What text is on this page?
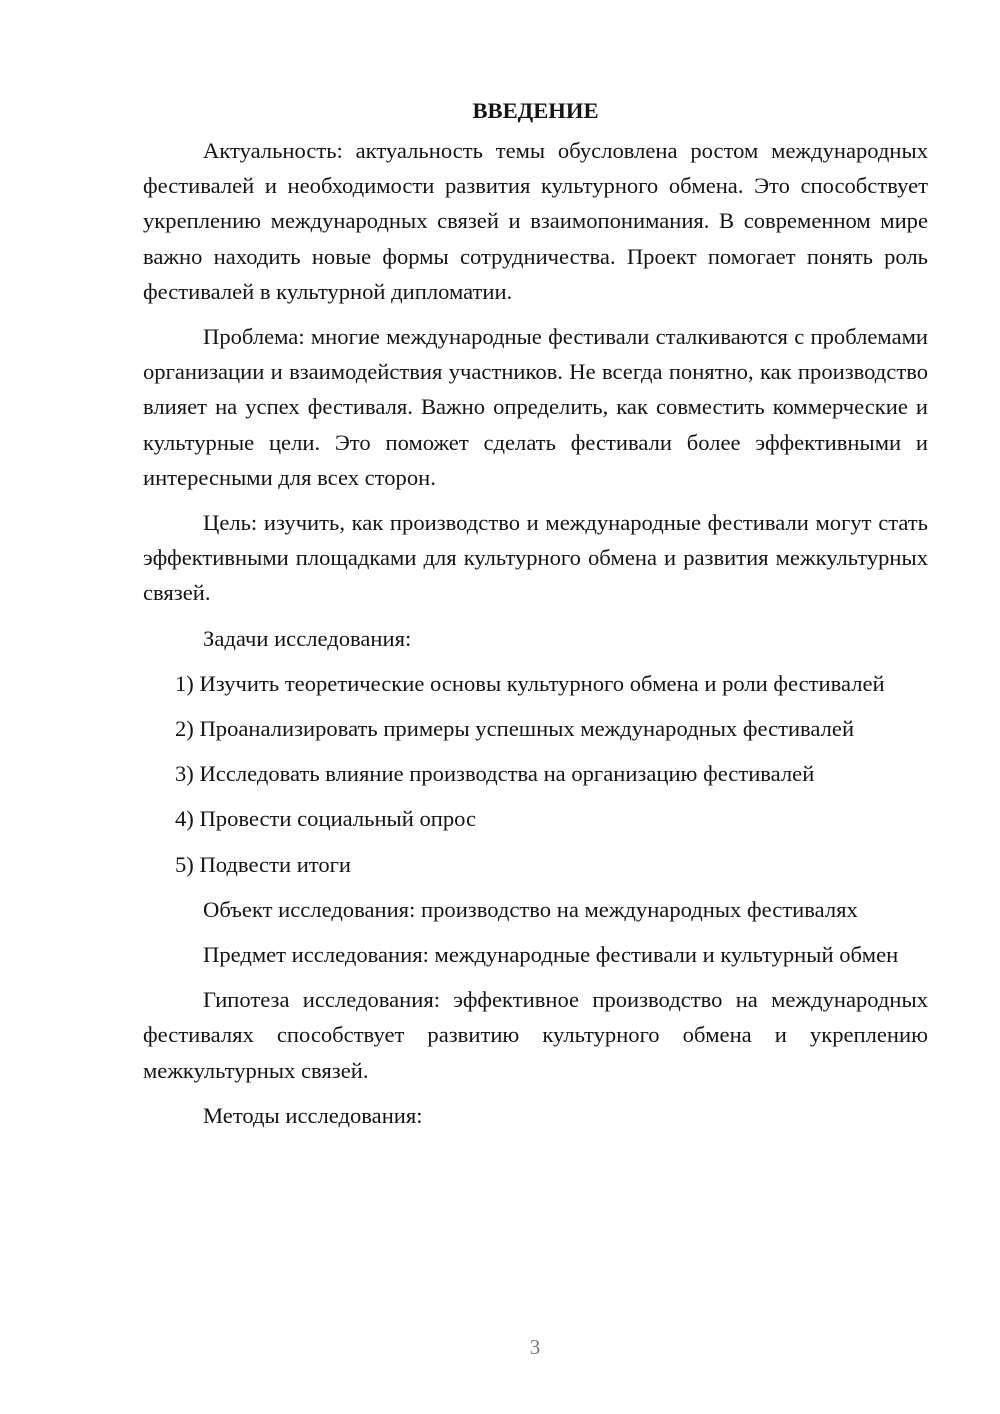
ВВЕДЕНИЕ

Актуальность: актуальность темы обусловлена ростом международных фестивалей и необходимости развития культурного обмена. Это способствует укреплению международных связей и взаимопонимания. В современном мире важно находить новые формы сотрудничества. Проект помогает понять роль фестивалей в культурной дипломатии.

Проблема: многие международные фестивали сталкиваются с проблемами организации и взаимодействия участников. Не всегда понятно, как производство влияет на успех фестиваля. Важно определить, как совместить коммерческие и культурные цели. Это поможет сделать фестивали более эффективными и интересными для всех сторон.

Цель: изучить, как производство и международные фестивали могут стать эффективными площадками для культурного обмена и развития межкультурных связей.

Задачи исследования:

1) Изучить теоретические основы культурного обмена и роли фестивалей

2) Проанализировать примеры успешных международных фестивалей

3) Исследовать влияние производства на организацию фестивалей

4) Провести социальный опрос

5) Подвести итоги

Объект исследования: производство на международных фестивалях

Предмет исследования: международные фестивали и культурный обмен

Гипотеза исследования: эффективное производство на международных фестивалях способствует развитию культурного обмена и укреплению межкультурных связей.

Методы исследования:

3
